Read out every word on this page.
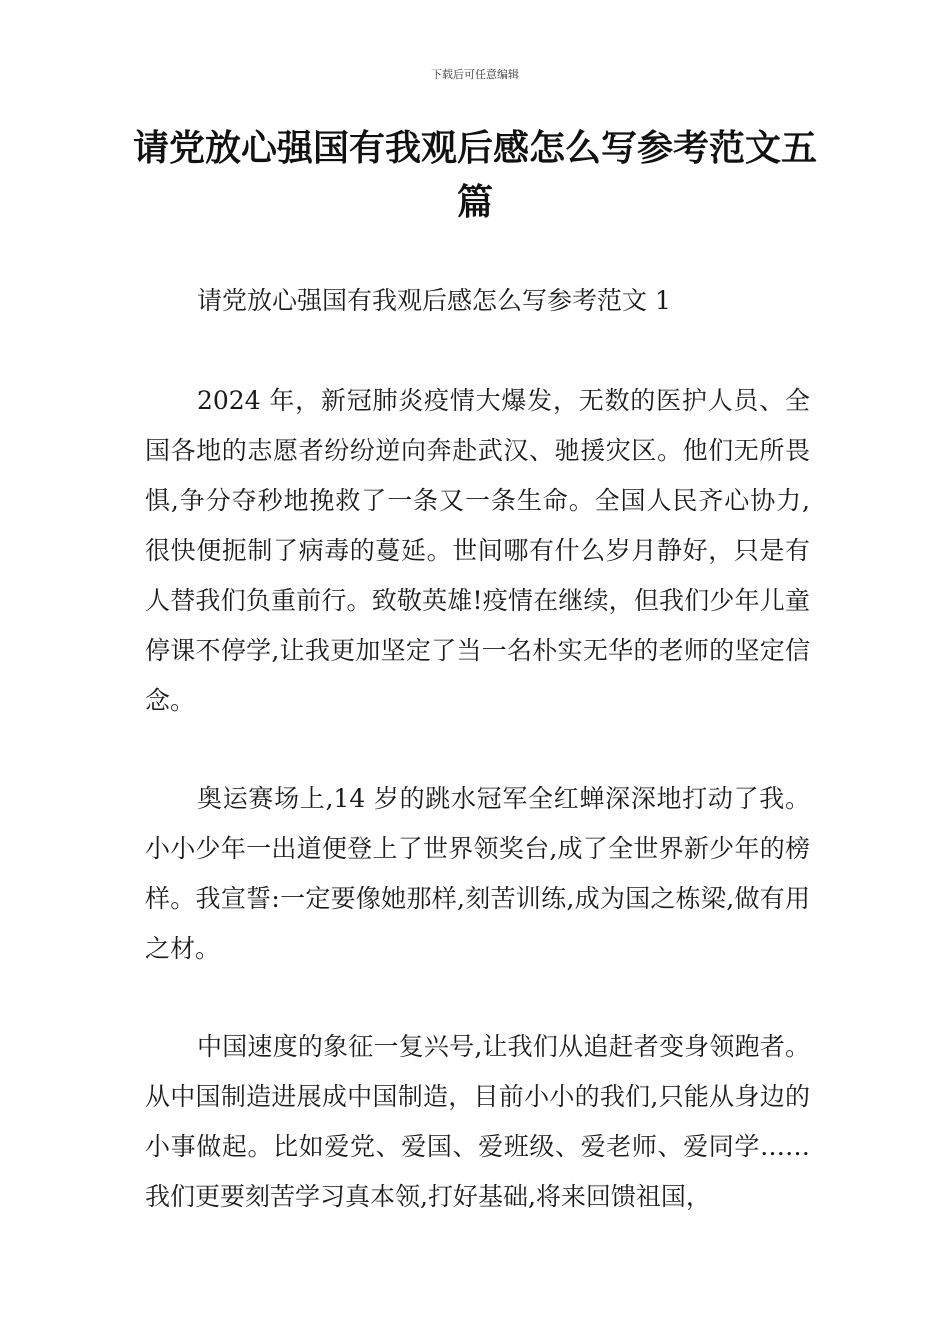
下载后可任意编辑
请党放心强国有我观后感怎么写参考范文五篇

请党放心强国有我观后感怎么写参考范文 1

2024 年，新冠肺炎疫情大爆发，无数的医护人员、全国各地的志愿者纷纷逆向奔赴武汉、驰援灾区。他们无所畏惧,争分夺秒地挽救了一条又一条生命。全国人民齐心协力,很快便扼制了病毒的蔓延。世间哪有什么岁月静好，只是有人替我们负重前行。致敬英雄!疫情在继续，但我们少年儿童停课不停学,让我更加坚定了当一名朴实无华的老师的坚定信念。

奥运赛场上,14 岁的跳水冠军全红蝉深深地打动了我。小小少年一出道便登上了世界领奖台,成了全世界新少年的榜样。我宣誓:一定要像她那样,刻苦训练,成为国之栋梁,做有用之材。

中国速度的象征一复兴号,让我们从追赶者变身领跑者。从中国制造进展成中国制造，目前小小的我们,只能从身边的小事做起。比如爱党、爱国、爱班级、爱老师、爱同学……我们更要刻苦学习真本领,打好基础,将来回馈祖国，
